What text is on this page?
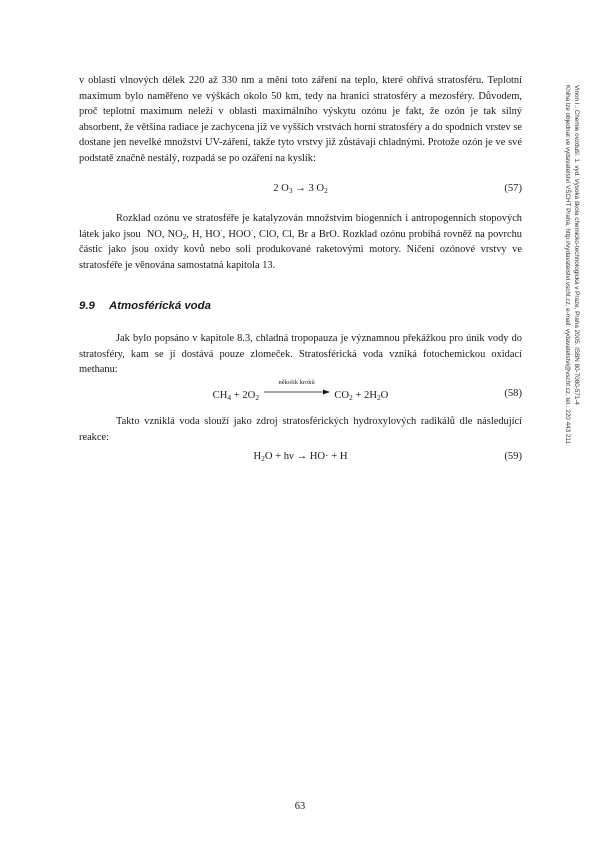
v oblasti vlnových délek 220 až 330 nm a mění toto záření na teplo, které ohřívá stratosféru. Teplotní maximum bylo naměřeno ve výškách okolo 50 km, tedy na hranici stratosféry a mezosféry. Důvodem, proč teplotní maximum neleží v oblasti maximálního výskytu ozónu je fakt, že ozón je tak silný absorbent, že většina radiace je zachycena již ve vyšších vrstvách horní stratosféry a do spodních vrstev se dostane jen nevelké množství UV-záření, takže tyto vrstvy již zůstávají chladnými. Protože ozón je ve své podstatě značně nestálý, rozpadá se po ozáření na kyslík:

2 $O_3 \to 3$ $O_2$	(57)

Rozklad ozónu ve stratosféře je katalyzován množstvím biogenních i antropogenních stopových látek jako jsou NO, $NO_2$, H, HO·, HOO·, ClO, Cl, Br a BrO. Rozklad ozónu probíhá rovněž na povrchu částic jako jsou oxidy kovů nebo soli produkované raketovými motory. Ničení ozónové vrstvy ve stratosféře je věnována samostatná kapitola 13.

9.9 Atmosférická voda

Jak bylo popsáno v kapitole 8.3, chladná tropopauza je významnou překážkou pro únik vody do stratosféry, kam se jí dostává pouze zlomeček. Stratosférická voda vzniká fotochemickou oxidací methanu:

$CH_4 + 2O_2$
několik kroků
$CO_2 + 2H_2O$	(58)

Takto vzniklá voda slouží jako zdroj stratosférických hydroxylových radikálů dle následující reakce:

$H_2O + h\nu \to HO\cdot + H$	(59)
Vinon I.: Chemie ovzduší. 1. vyd. Vysoká škola chemicko-technologická v Praze, Praha 2005. ISBN 80-7080-571-4
Kniha lze objednat ve vydavatelství VŠCHT Praha, http://vydavatelstvi.vscht.cz, e-mail: vydavatelstvi@vscht.cz, tel.: 220 443 211
63
